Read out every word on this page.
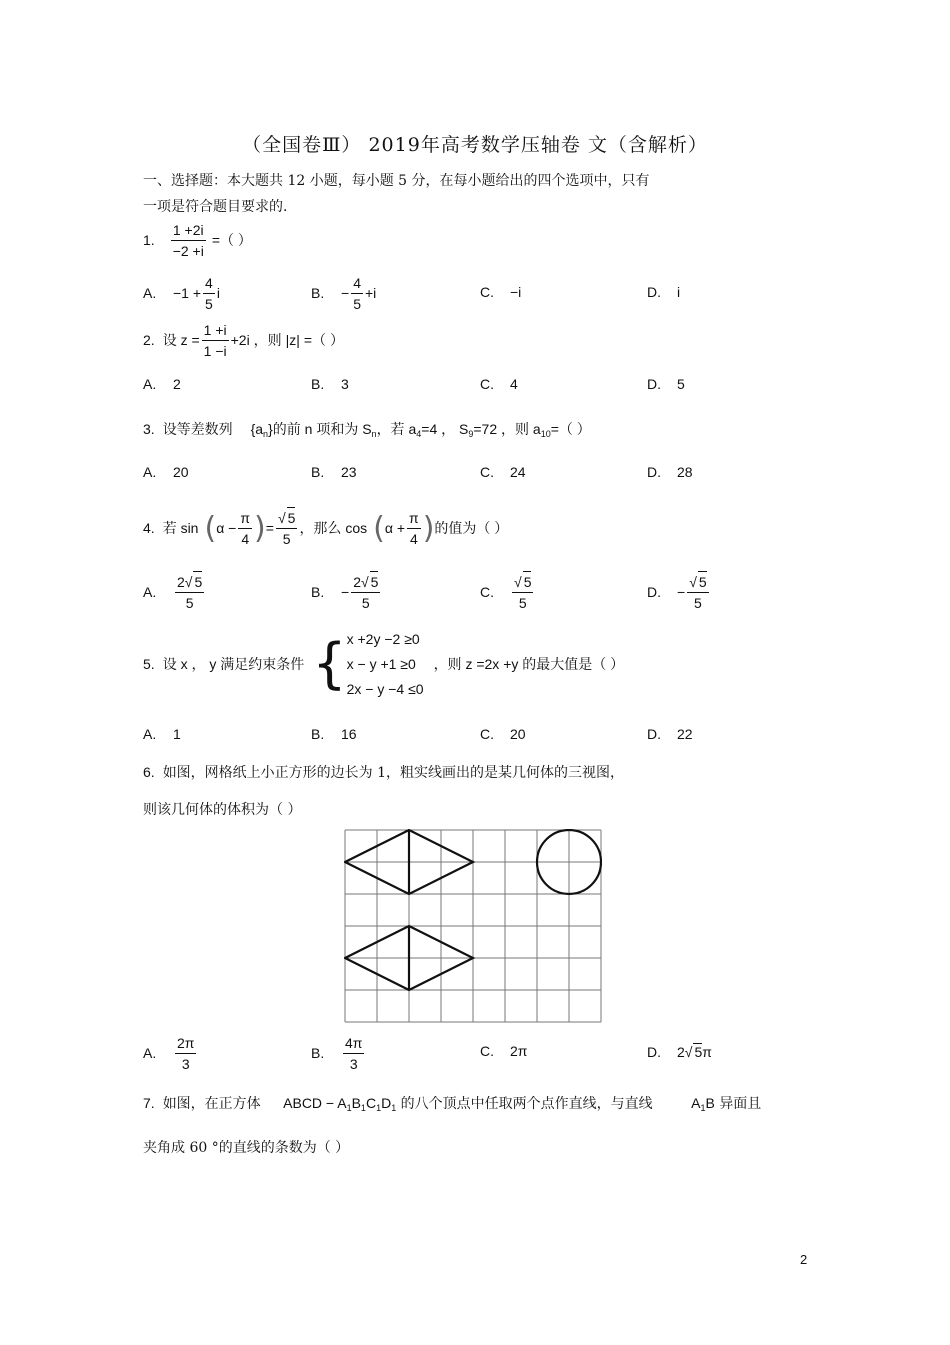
（全国卷Ⅲ） 2019年高考数学压轴卷 文（含解析）
一、选择题：本大题共 12 小题，每小题 5 分，在每小题给出的四个选项中，只有
一项是符合题目要求的.
1. $\frac{1 +2i}{-2 +i}$ =（ ）
A.	$-1 + \frac{4}{5}$ i	B.	− $\frac{4}{5} +i$	C. −i	D. i
2. 设 $z = \frac{1 +i}{1 -i} +2i$ ，则 |z| =（ ）
A. 2	B. 3	C. 4	D. 5
3. 设等差数列 $\{a_n\}$的前 n 项和为 $S_n$，若 $a_4=4$ ， $S_9=72$ ，则 $a_{10}=$（ ）
A. 20	B. 23	C. 24	D. 28
4. 若 sin ( $\alpha - \frac{\pi}{4}$ ) = $\frac{√ 5}{5}$ ，那么 cos ( $\alpha + \frac{\pi}{4}$ ) 的值为（ ）
A.	$\frac{2√ 5}{5}$	B.	− $\frac{2√ 5}{5}$	C.	$\frac{√ 5}{5}$	D.	− $\frac{√ 5}{5}$
5. 设 x ， y 满足约束条件 { x +2y −2 ≥0
x − y +1 ≥0
2x − y −4 ≤0
，则 z =2x +y 的最大值是（ ）
A. 1	B. 16	C. 20	D. 22
6. 如图，网格纸上小正方形的边长为 1，粗实线画出的是某几何体的三视图，
则该几何体的体积为（ ）
A.	$\frac{2\pi}{3}$	B.	$\frac{4\pi}{3}$	C. 2π	D. 2√ 5π
7. 如图，在正方体 ABCD − $A_1B_1C_1D_1$ 的八个顶点中任取两个点作直线，与直线	$A_1B$ 异面且
夹角成 60 °的直线的条数为（ ）
2
